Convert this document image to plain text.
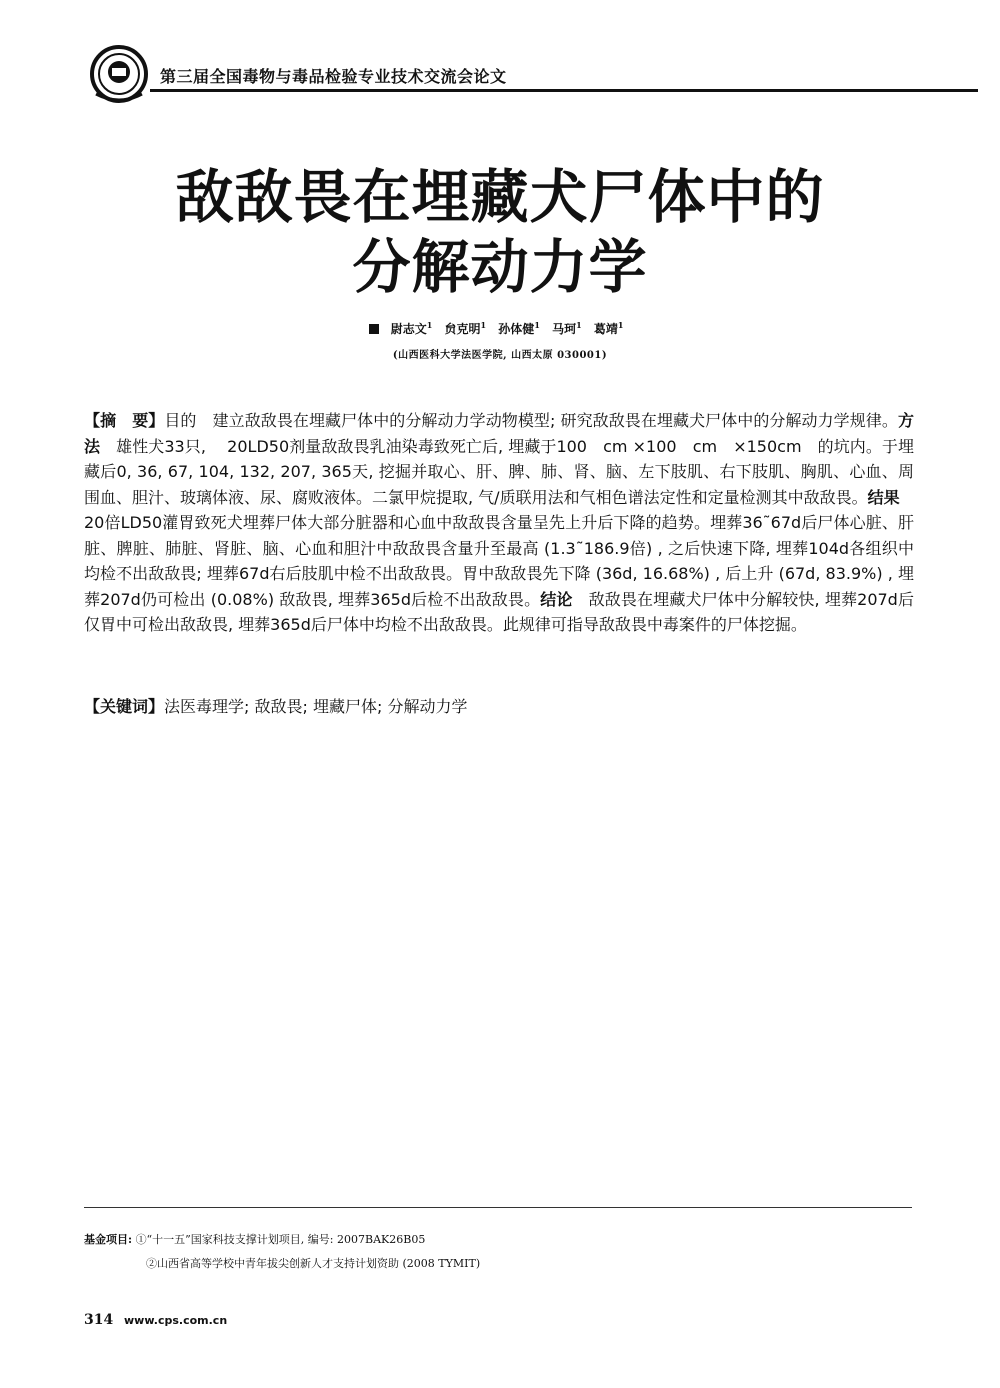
第三届全国毒物与毒品检验专业技术交流会论文
敌敌畏在埋藏犬尸体中的
分解动力学
尉志文$^1$ 贠克明$^1$ 孙体健$^1$ 马珂$^1$ 葛靖$^1$
(山西医科大学法医学院, 山西太原 030001)
【摘　要】目的　建立敌敌畏在埋藏尸体中的分解动力学动物模型; 研究敌敌畏在埋藏犬尸体中的分解动力学规律。方法　雄性犬33只,　 20LD50剂量敌敌畏乳油染毒致死亡后, 埋藏于100　cm ×100　cm　×150cm　的坑内。于埋藏后0, 36, 67, 104, 132, 207, 365天, 挖掘并取心、肝、脾、肺、肾、脑、左下肢肌、右下肢肌、胸肌、心血、周围血、胆汁、玻璃体液、尿、腐败液体。二氯甲烷提取, 气/质联用法和气相色谱法定性和定量检测其中敌敌畏。结果　20倍LD50灌胃致死犬埋葬尸体大部分脏器和心血中敌敌畏含量呈先上升后下降的趋势。埋葬36˜67d后尸体心脏、肝脏、脾脏、肺脏、肾脏、脑、心血和胆汁中敌敌畏含量升至最高 (1.3˜186.9倍) , 之后快速下降, 埋葬104d各组织中均检不出敌敌畏; 埋葬67d右后肢肌中检不出敌敌畏。胃中敌敌畏先下降 (36d, 16.68%) , 后上升 (67d, 83.9%) , 埋葬207d仍可检出 (0.08%) 敌敌畏, 埋葬365d后检不出敌敌畏。结论　敌敌畏在埋藏犬尸体中分解较快, 埋葬207d后仅胃中可检出敌敌畏, 埋葬365d后尸体中均检不出敌敌畏。此规律可指导敌敌畏中毒案件的尸体挖掘。
【关键词】法医毒理学; 敌敌畏; 埋藏尸体; 分解动力学
基金项目: ①“十一五”国家科技支撑计划项目, 编号: 2007BAK26B05
②山西省高等学校中青年拔尖创新人才支持计划资助 (2008 TYMIT)
314 www.cps.com.cn
